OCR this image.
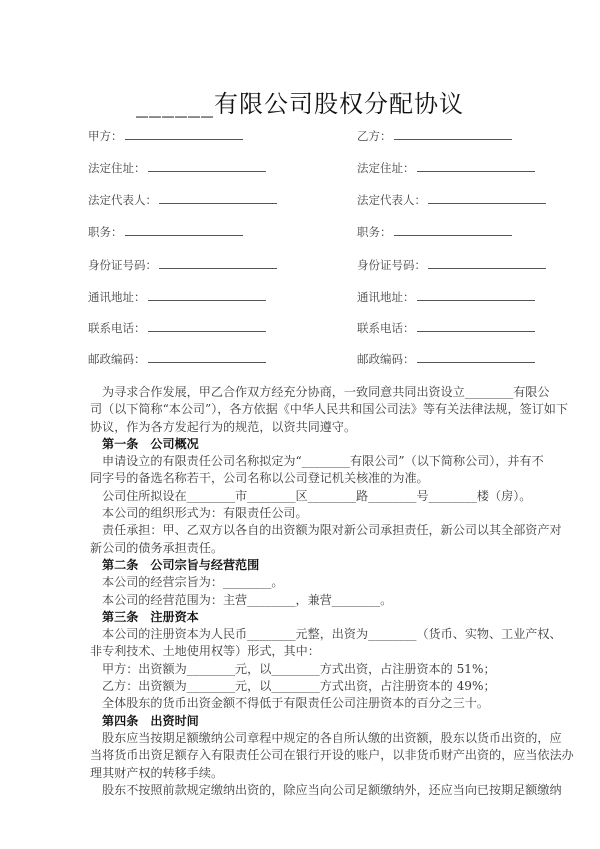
______有限公司股权分配协议
甲方：
法定住址：
法定代表人：
职务：
身份证号码：
通讯地址：
联系电话：
邮政编码：
乙方：
法定住址：
法定代表人：
职务：
身份证号码：
通讯地址：
联系电话：
邮政编码：
为寻求合作发展，甲乙合作双方经充分协商，一致同意共同出资设立________有限公
司（以下简称“本公司”），各方依据《中华人民共和国公司法》等有关法律法规，签订如下
协议，作为各方发起行为的规范，以资共同遵守。
第一条　公司概况
申请设立的有限责任公司名称拟定为“________有限公司”（以下简称公司），并有不
同字号的备选名称若干，公司名称以公司登记机关核准的为准。
公司住所拟设在________市________区________路________号________楼（房）。
本公司的组织形式为：有限责任公司。
责任承担：甲、乙双方以各自的出资额为限对新公司承担责任，新公司以其全部资产对
新公司的债务承担责任。
第二条　公司宗旨与经营范围
本公司的经营宗旨为：________。
本公司的经营范围为：主营________，兼营________。
第三条　注册资本
本公司的注册资本为人民币________元整，出资为________（货币、实物、工业产权、
非专利技术、土地使用权等）形式，其中：
甲方：出资额为________元，以________方式出资，占注册资本的 51%；
乙方：出资额为________元，以________方式出资，占注册资本的 49%；
全体股东的货币出资金额不得低于有限责任公司注册资本的百分之三十。
第四条　出资时间
股东应当按期足额缴纳公司章程中规定的各自所认缴的出资额，股东以货币出资的，应
当将货币出资足额存入有限责任公司在银行开设的账户，以非货币财产出资的，应当依法办
理其财产权的转移手续。
股东不按照前款规定缴纳出资的，除应当向公司足额缴纳外，还应当向已按期足额缴纳
